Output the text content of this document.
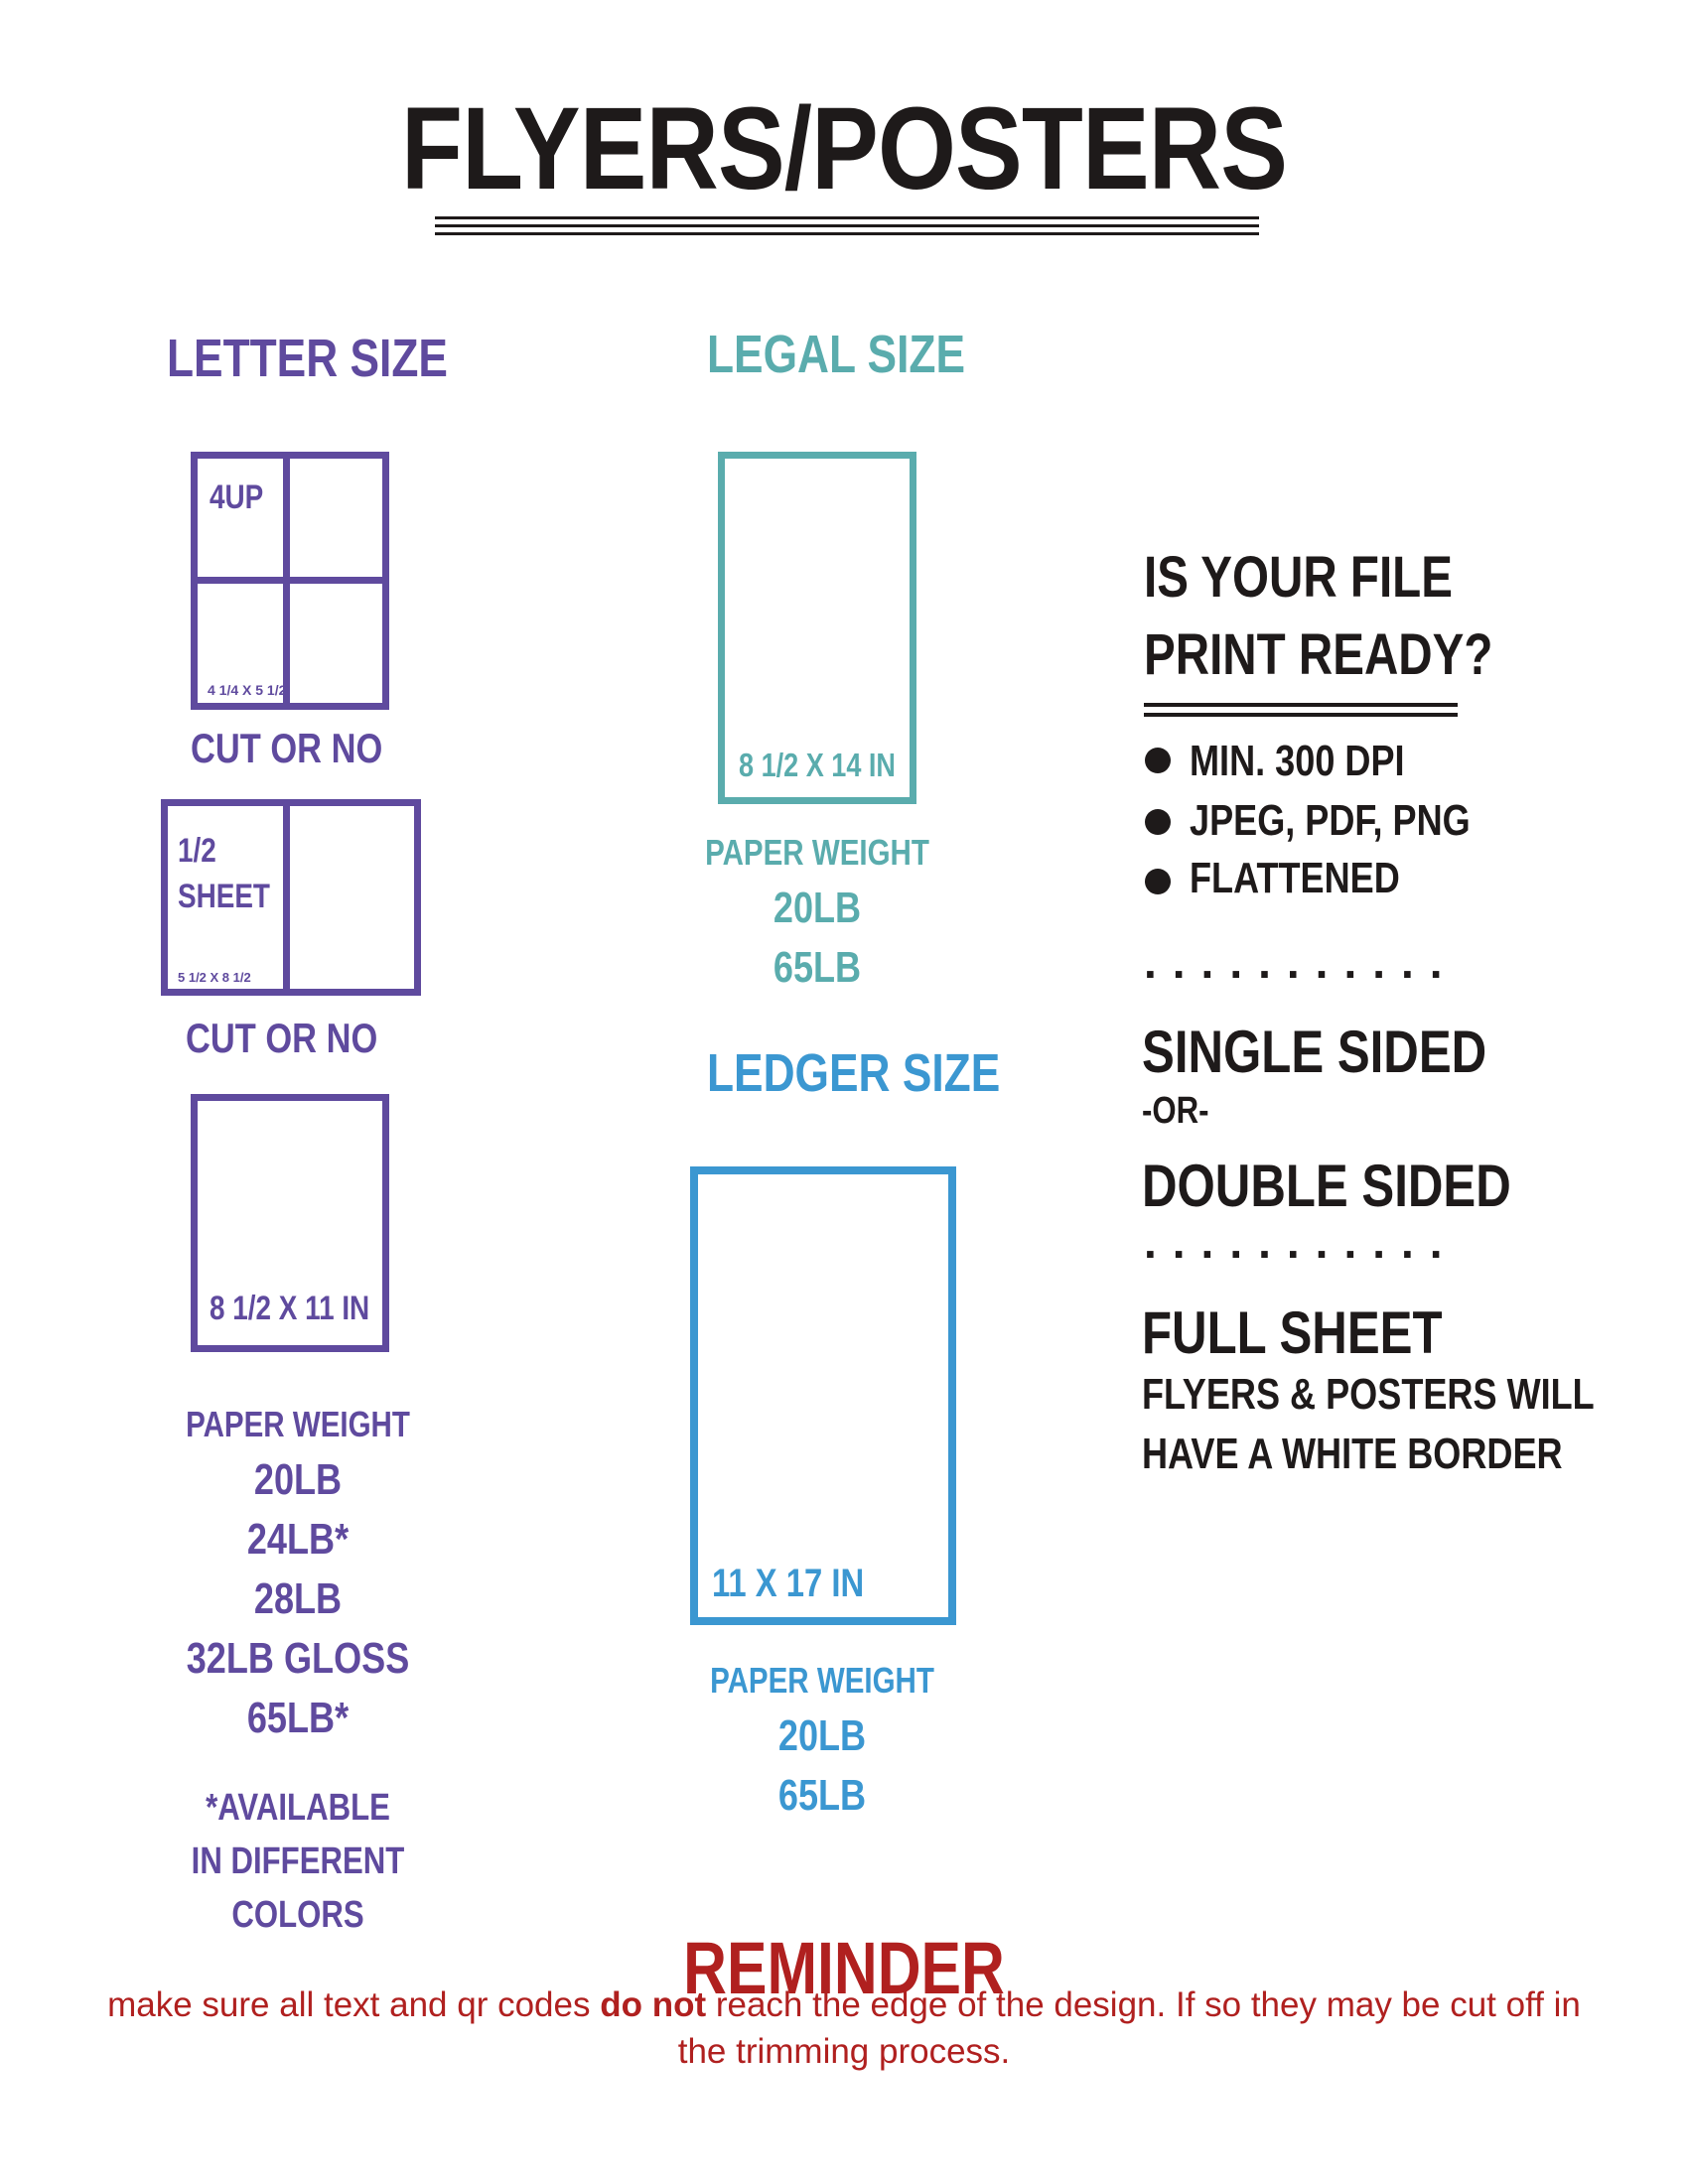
FLYERS/POSTERS
LETTER SIZE
4UP
4 1/4 X 5 1/2
CUT OR NO
1/2
SHEET
5 1/2 X 8 1/2
CUT OR NO
8 1/2 X 11 IN
PAPER WEIGHT
20LB
24LB*
28LB
32LB GLOSS
65LB*
*AVAILABLE
IN DIFFERENT
COLORS
LEGAL SIZE
8 1/2 X 14 IN
PAPER WEIGHT
20LB
65LB
LEDGER SIZE
11 X 17 IN
PAPER WEIGHT
20LB
65LB
IS YOUR FILE
PRINT READY?
MIN. 300 DPI
JPEG, PDF, PNG
FLATTENED
...........
SINGLE SIDED
-OR-
DOUBLE SIDED
...........
FULL SHEET
FLYERS & POSTERS WILL
HAVE A WHITE BORDER
REMINDER
make sure all text and qr codes do not reach the edge of the design. If so they may be cut off in the trimming process.
